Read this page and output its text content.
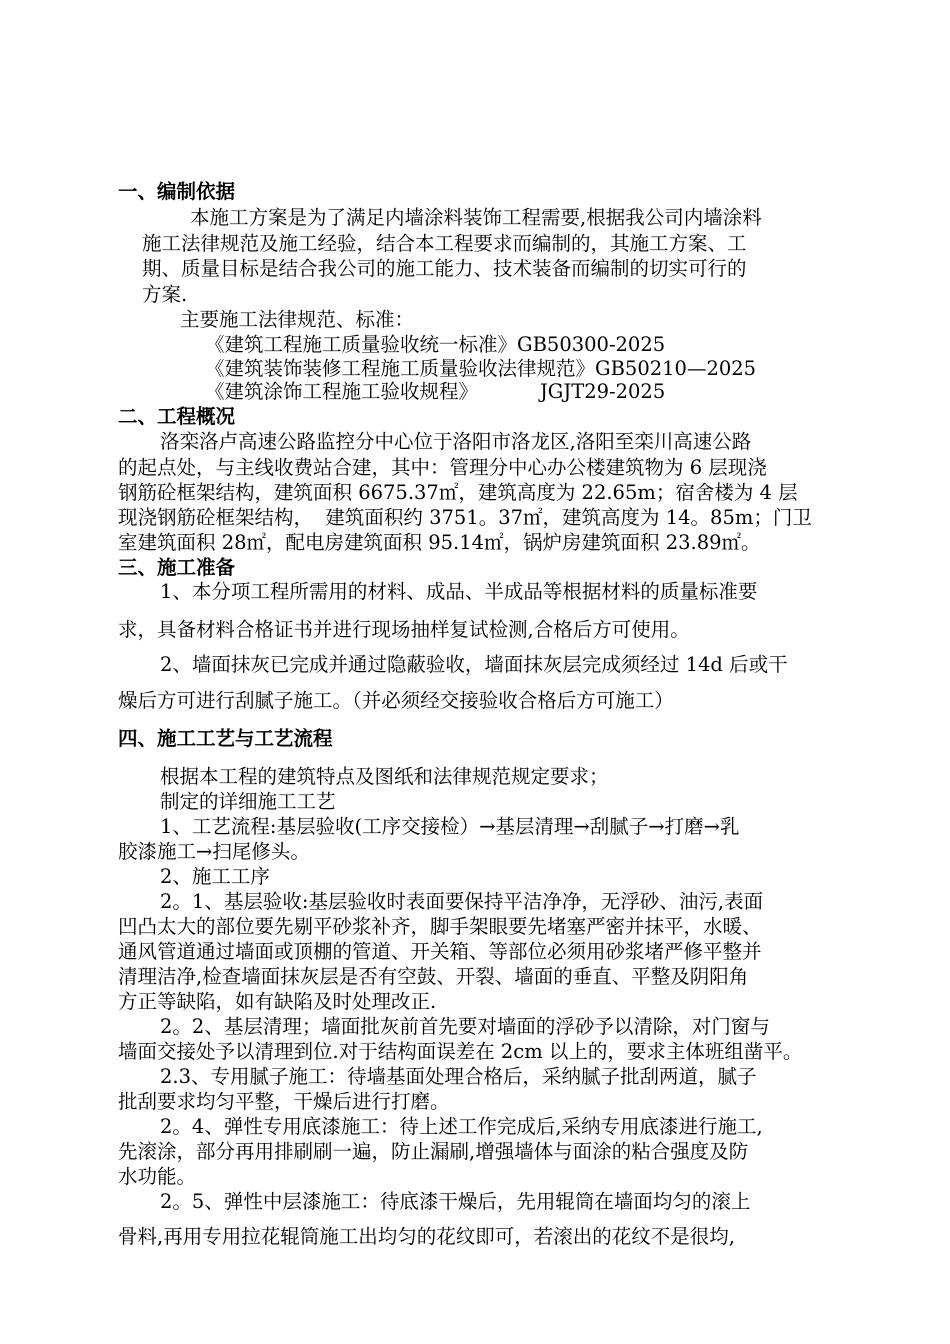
一、编制依据
本施工方案是为了满足内墙涂料装饰工程需要,根据我公司内墙涂料
施工法律规范及施工经验，结合本工程要求而编制的，其施工方案、工
期、质量目标是结合我公司的施工能力、技术装备而编制的切实可行的
方案.
主要施工法律规范、标准：
《建筑工程施工质量验收统一标准》GB50300-2025
《建筑装饰装修工程施工质量验收法律规范》GB50210—2025
《建筑涂饰工程施工验收规程》          JGJT29-2025
二、工程概况
洛栾洛卢高速公路监控分中心位于洛阳市洛龙区,洛阳至栾川高速公路
的起点处，与主线收费站合建，其中：管理分中心办公楼建筑物为 6 层现浇
钢筋砼框架结构，建筑面积 6675.37㎡，建筑高度为 22.65m；宿舍楼为 4 层
现浇钢筋砼框架结构，  建筑面积约 3751。37㎡，建筑高度为 14。85m；门卫
室建筑面积 28㎡，配电房建筑面积 95.14㎡，锅炉房建筑面积 23.89㎡。
三、施工准备
1、本分项工程所需用的材料、成品、半成品等根据材料的质量标准要
求，具备材料合格证书并进行现场抽样复试检测,合格后方可使用。
2、墙面抹灰已完成并通过隐蔽验收，墙面抹灰层完成须经过 14d 后或干
燥后方可进行刮腻子施工。（并必须经交接验收合格后方可施工）
四、施工工艺与工艺流程
根据本工程的建筑特点及图纸和法律规范规定要求；
制定的详细施工工艺
1、工艺流程:基层验收(工序交接检）→基层清理→刮腻子→打磨→乳
胶漆施工→扫尾修头。
2、施工工序
2。1、基层验收:基层验收时表面要保持平洁净净，无浮砂、油污,表面
凹凸太大的部位要先剔平砂浆补齐，脚手架眼要先堵塞严密并抹平，水暖、
通风管道通过墙面或顶棚的管道、开关箱、等部位必须用砂浆堵严修平整并
清理洁净,检查墙面抹灰层是否有空鼓、开裂、墙面的垂直、平整及阴阳角
方正等缺陷，如有缺陷及时处理改正.
2。2、基层清理；墙面批灰前首先要对墙面的浮砂予以清除，对门窗与
墙面交接处予以清理到位.对于结构面误差在 2cm 以上的，要求主体班组凿平。
2.3、专用腻子施工：待墙基面处理合格后，采纳腻子批刮两道，腻子
批刮要求均匀平整，干燥后进行打磨。
2。4、弹性专用底漆施工：待上述工作完成后,采纳专用底漆进行施工,
先滚涂，部分再用排刷刷一遍，防止漏刷,增强墙体与面涂的粘合强度及防
水功能。
2。5、弹性中层漆施工：待底漆干燥后，先用辊筒在墙面均匀的滚上
骨料,再用专用拉花辊筒施工出均匀的花纹即可，若滚出的花纹不是很均,
